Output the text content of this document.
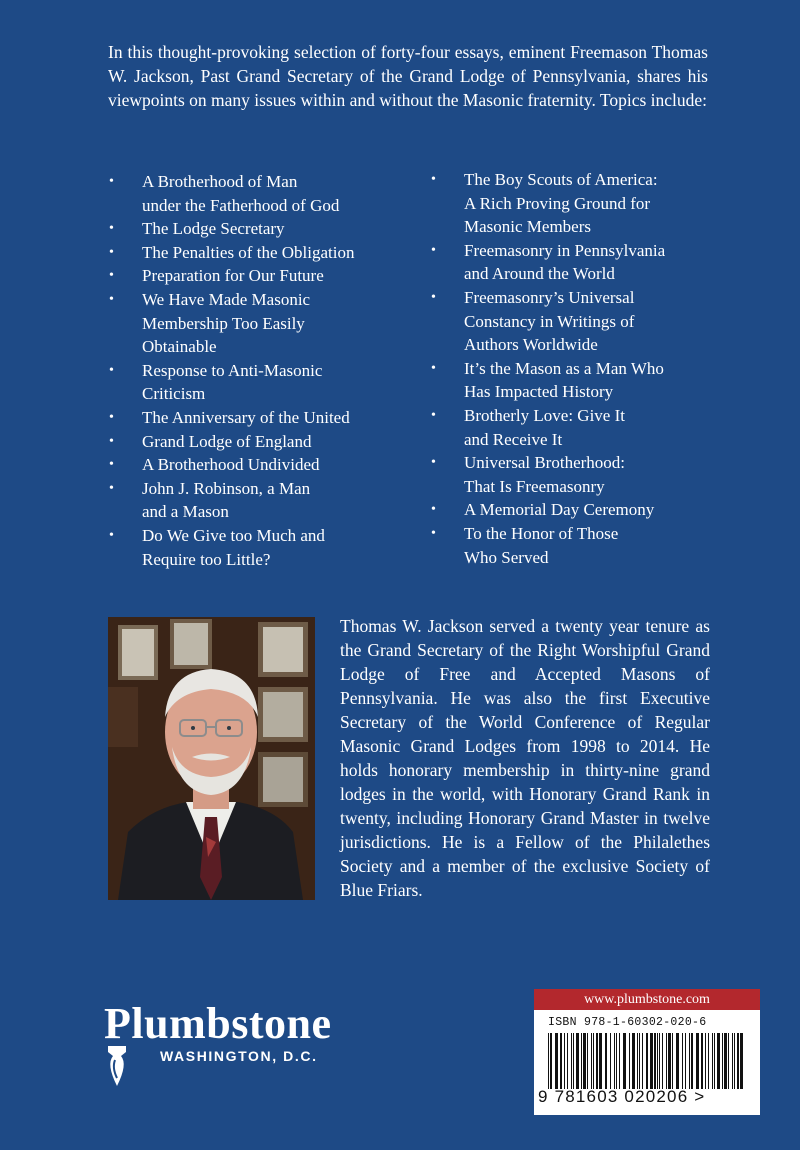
In this thought-provoking selection of forty-four essays, eminent Freemason Thomas W. Jackson, Past Grand Secretary of the Grand Lodge of Pennsylvania, shares his viewpoints on many issues within and without the Masonic fraternity. Topics include:
• A Brotherhood of Man
under the Fatherhood of God
• The Lodge Secretary
• The Penalties of the Obligation
• Preparation for Our Future
• We Have Made Masonic
Membership Too Easily
Obtainable
• Response to Anti-Masonic
Criticism
• The Anniversary of the United
• Grand Lodge of England
• A Brotherhood Undivided
• John J. Robinson, a Man
and a Mason
• Do We Give too Much and
Require too Little?
• The Boy Scouts of America:
A Rich Proving Ground for
Masonic Members
• Freemasonry in Pennsylvania
and Around the World
• Freemasonry’s Universal
Constancy in Writings of
Authors Worldwide
• It’s the Mason as a Man Who
Has Impacted History
• Brotherly Love: Give It
and Receive It
• Universal Brotherhood:
That Is Freemasonry
• A Memorial Day Ceremony
• To the Honor of Those
Who Served
Thomas W. Jackson served a twenty year tenure as the Grand Secretary of the Right Worshipful Grand Lodge of Free and Accepted Masons of Pennsylvania. He was also the first Executive Secretary of the World Conference of Regular Masonic Grand Lodges from 1998 to 2014. He holds honorary membership in thirty-nine grand lodges in the world, with Honorary Grand Rank in twenty, including Honorary Grand Master in twelve jurisdictions. He is a Fellow of the Philalethes Society and a member of the exclusive Society of Blue Friars.
Plumbstone
WASHINGTON, D.C.
www.plumbstone.com
ISBN 978-1-60302-020-6
9 781603 020206 >
